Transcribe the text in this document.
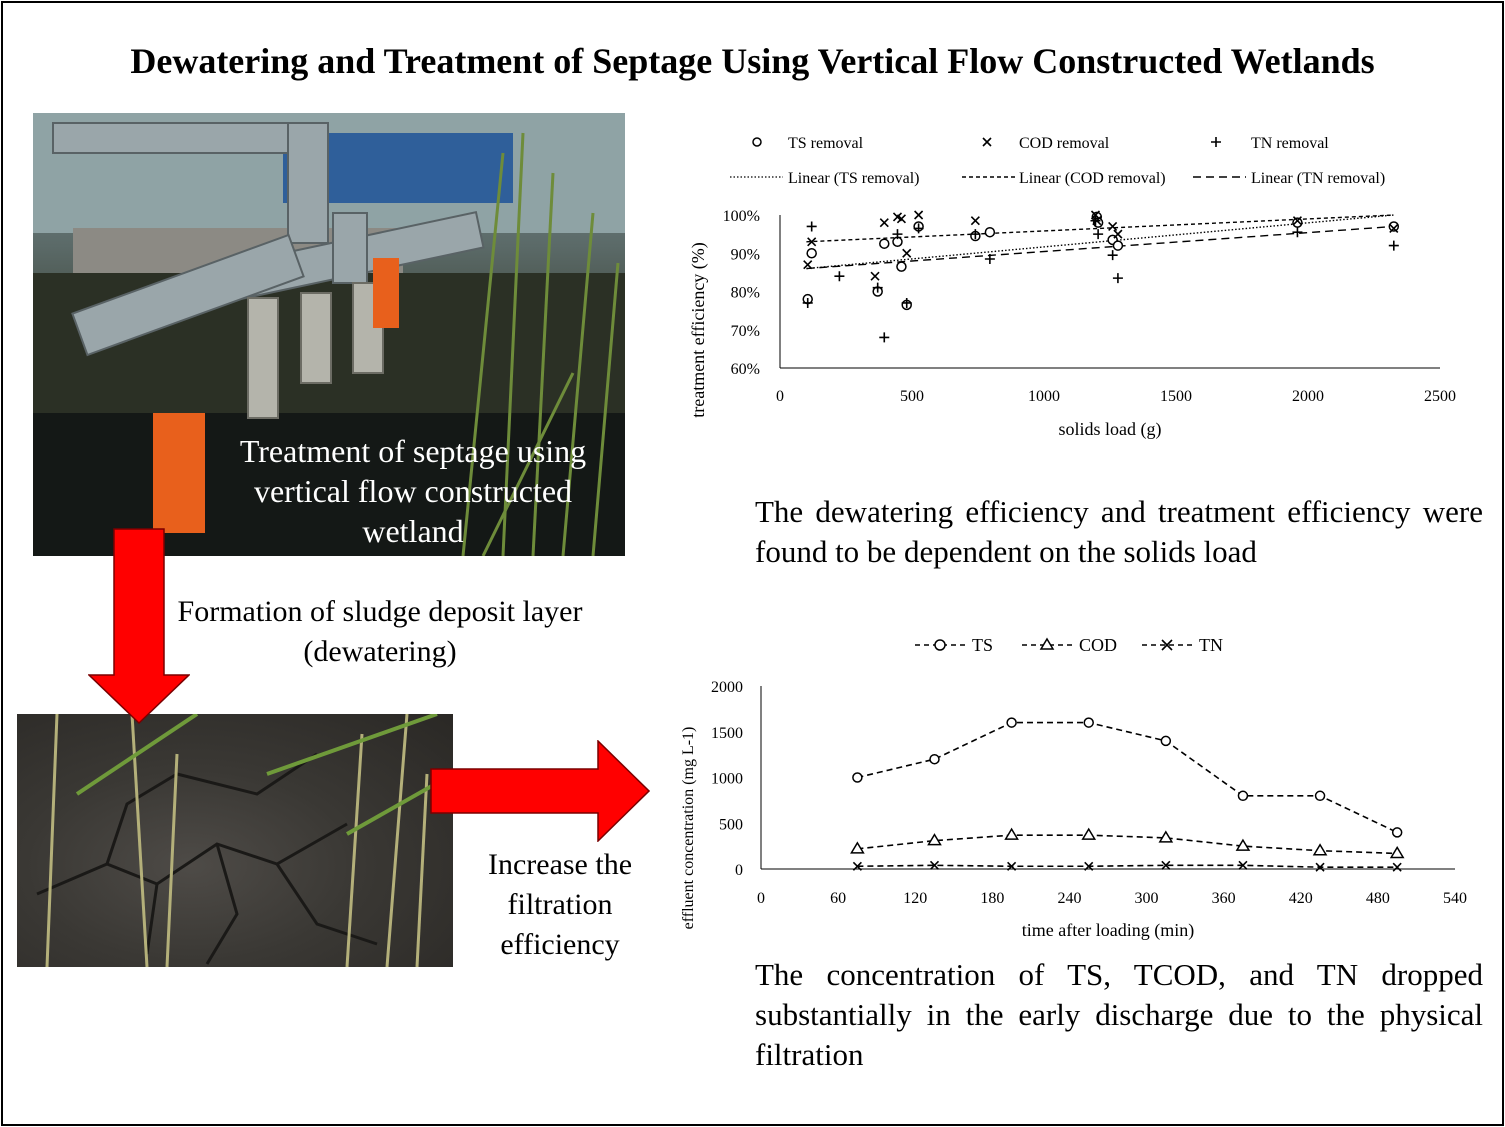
Dewatering and Treatment of Septage Using Vertical Flow Constructed Wetlands
Treatment of septage using vertical flow constructed wetland
Formation of sludge deposit layer (dewatering)
Increase the filtration efficiency
TS removal	COD removal	TN removal
Linear (TS removal)	Linear (COD removal)	Linear (TN removal)
0	500	1000	1500	2000	2500
60%
70%
80%
90%
100%
solids load (g)
treatment efficiency (%)
The dewatering efficiency and treatment efficiency were found to be dependent on the solids load
TS	COD	TN
0	60	120	180	240	300	360	420	480	540
0
500
1000
1500
2000
time after loading (min)
effluent concentration (mg L-1)
The concentration of TS, TCOD, and TN dropped substantially in the early discharge due to the physical filtration
